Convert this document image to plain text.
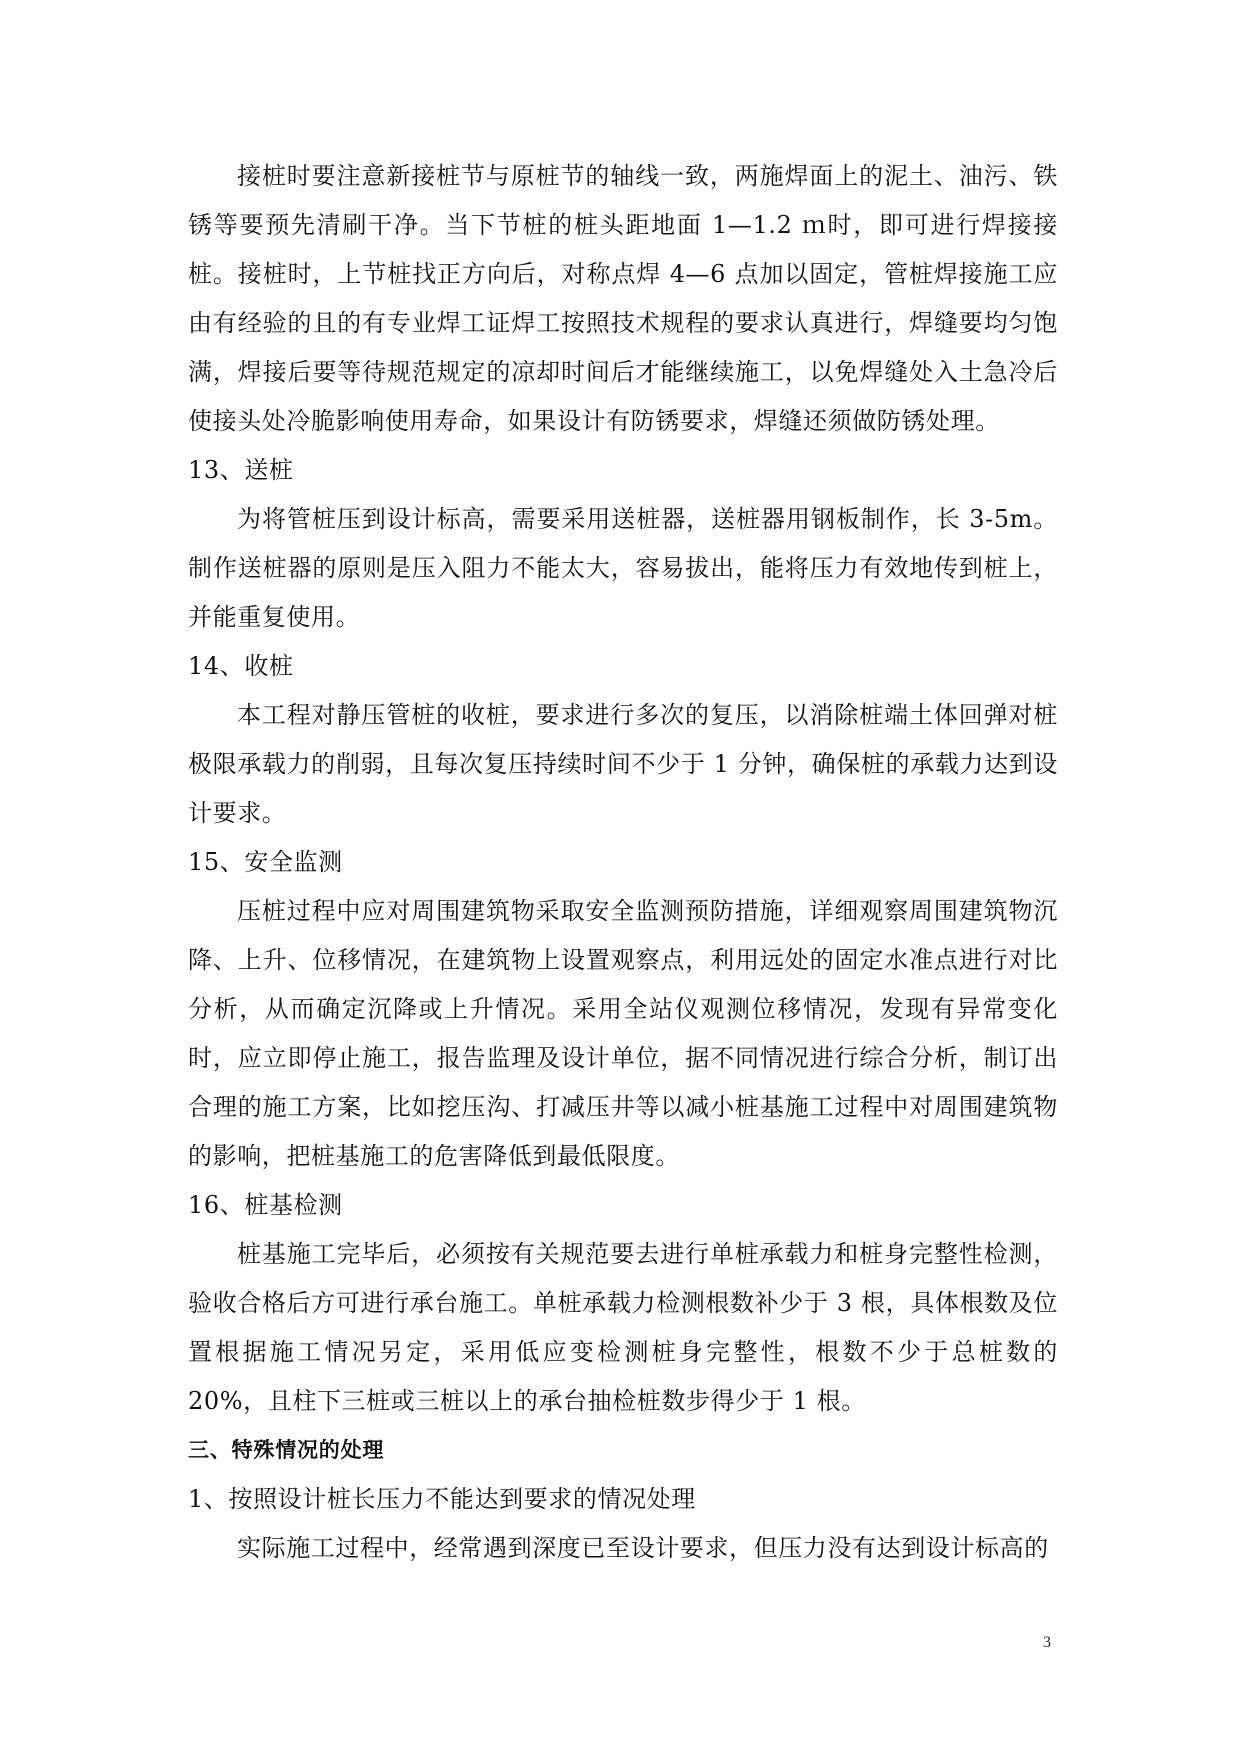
接桩时要注意新接桩节与原桩节的轴线一致，两施焊面上的泥土、油污、铁锈等要预先清刷干净。当下节桩的桩头距地面 1—1.2 ｍ时，即可进行焊接接桩。接桩时，上节桩找正方向后，对称点焊 4—6 点加以固定，管桩焊接施工应由有经验的且的有专业焊工证焊工按照技术规程的要求认真进行，焊缝要均匀饱满，焊接后要等待规范规定的凉却时间后才能继续施工，以免焊缝处入土急冷后使接头处冷脆影响使用寿命，如果设计有防锈要求，焊缝还须做防锈处理。

13、送桩

为将管桩压到设计标高，需要采用送桩器，送桩器用钢板制作，长 3-5m。制作送桩器的原则是压入阻力不能太大，容易拔出，能将压力有效地传到桩上，并能重复使用。

14、收桩

本工程对静压管桩的收桩，要求进行多次的复压，以消除桩端土体回弹对桩极限承载力的削弱，且每次复压持续时间不少于 1 分钟，确保桩的承载力达到设计要求。

15、安全监测

压桩过程中应对周围建筑物采取安全监测预防措施，详细观察周围建筑物沉降、上升、位移情况，在建筑物上设置观察点，利用远处的固定水准点进行对比分析，从而确定沉降或上升情况。采用全站仪观测位移情况，发现有异常变化时，应立即停止施工，报告监理及设计单位，据不同情况进行综合分析，制订出合理的施工方案，比如挖压沟、打减压井等以减小桩基施工过程中对周围建筑物的影响，把桩基施工的危害降低到最低限度。

16、桩基检测

桩基施工完毕后，必须按有关规范要去进行单桩承载力和桩身完整性检测，验收合格后方可进行承台施工。单桩承载力检测根数补少于 3 根，具体根数及位置根据施工情况另定，采用低应变检测桩身完整性，根数不少于总桩数的 20%，且柱下三桩或三桩以上的承台抽检桩数步得少于 1 根。

三、特殊情况的处理

1、按照设计桩长压力不能达到要求的情况处理

实际施工过程中，经常遇到深度已至设计要求，但压力没有达到设计标高的

3
